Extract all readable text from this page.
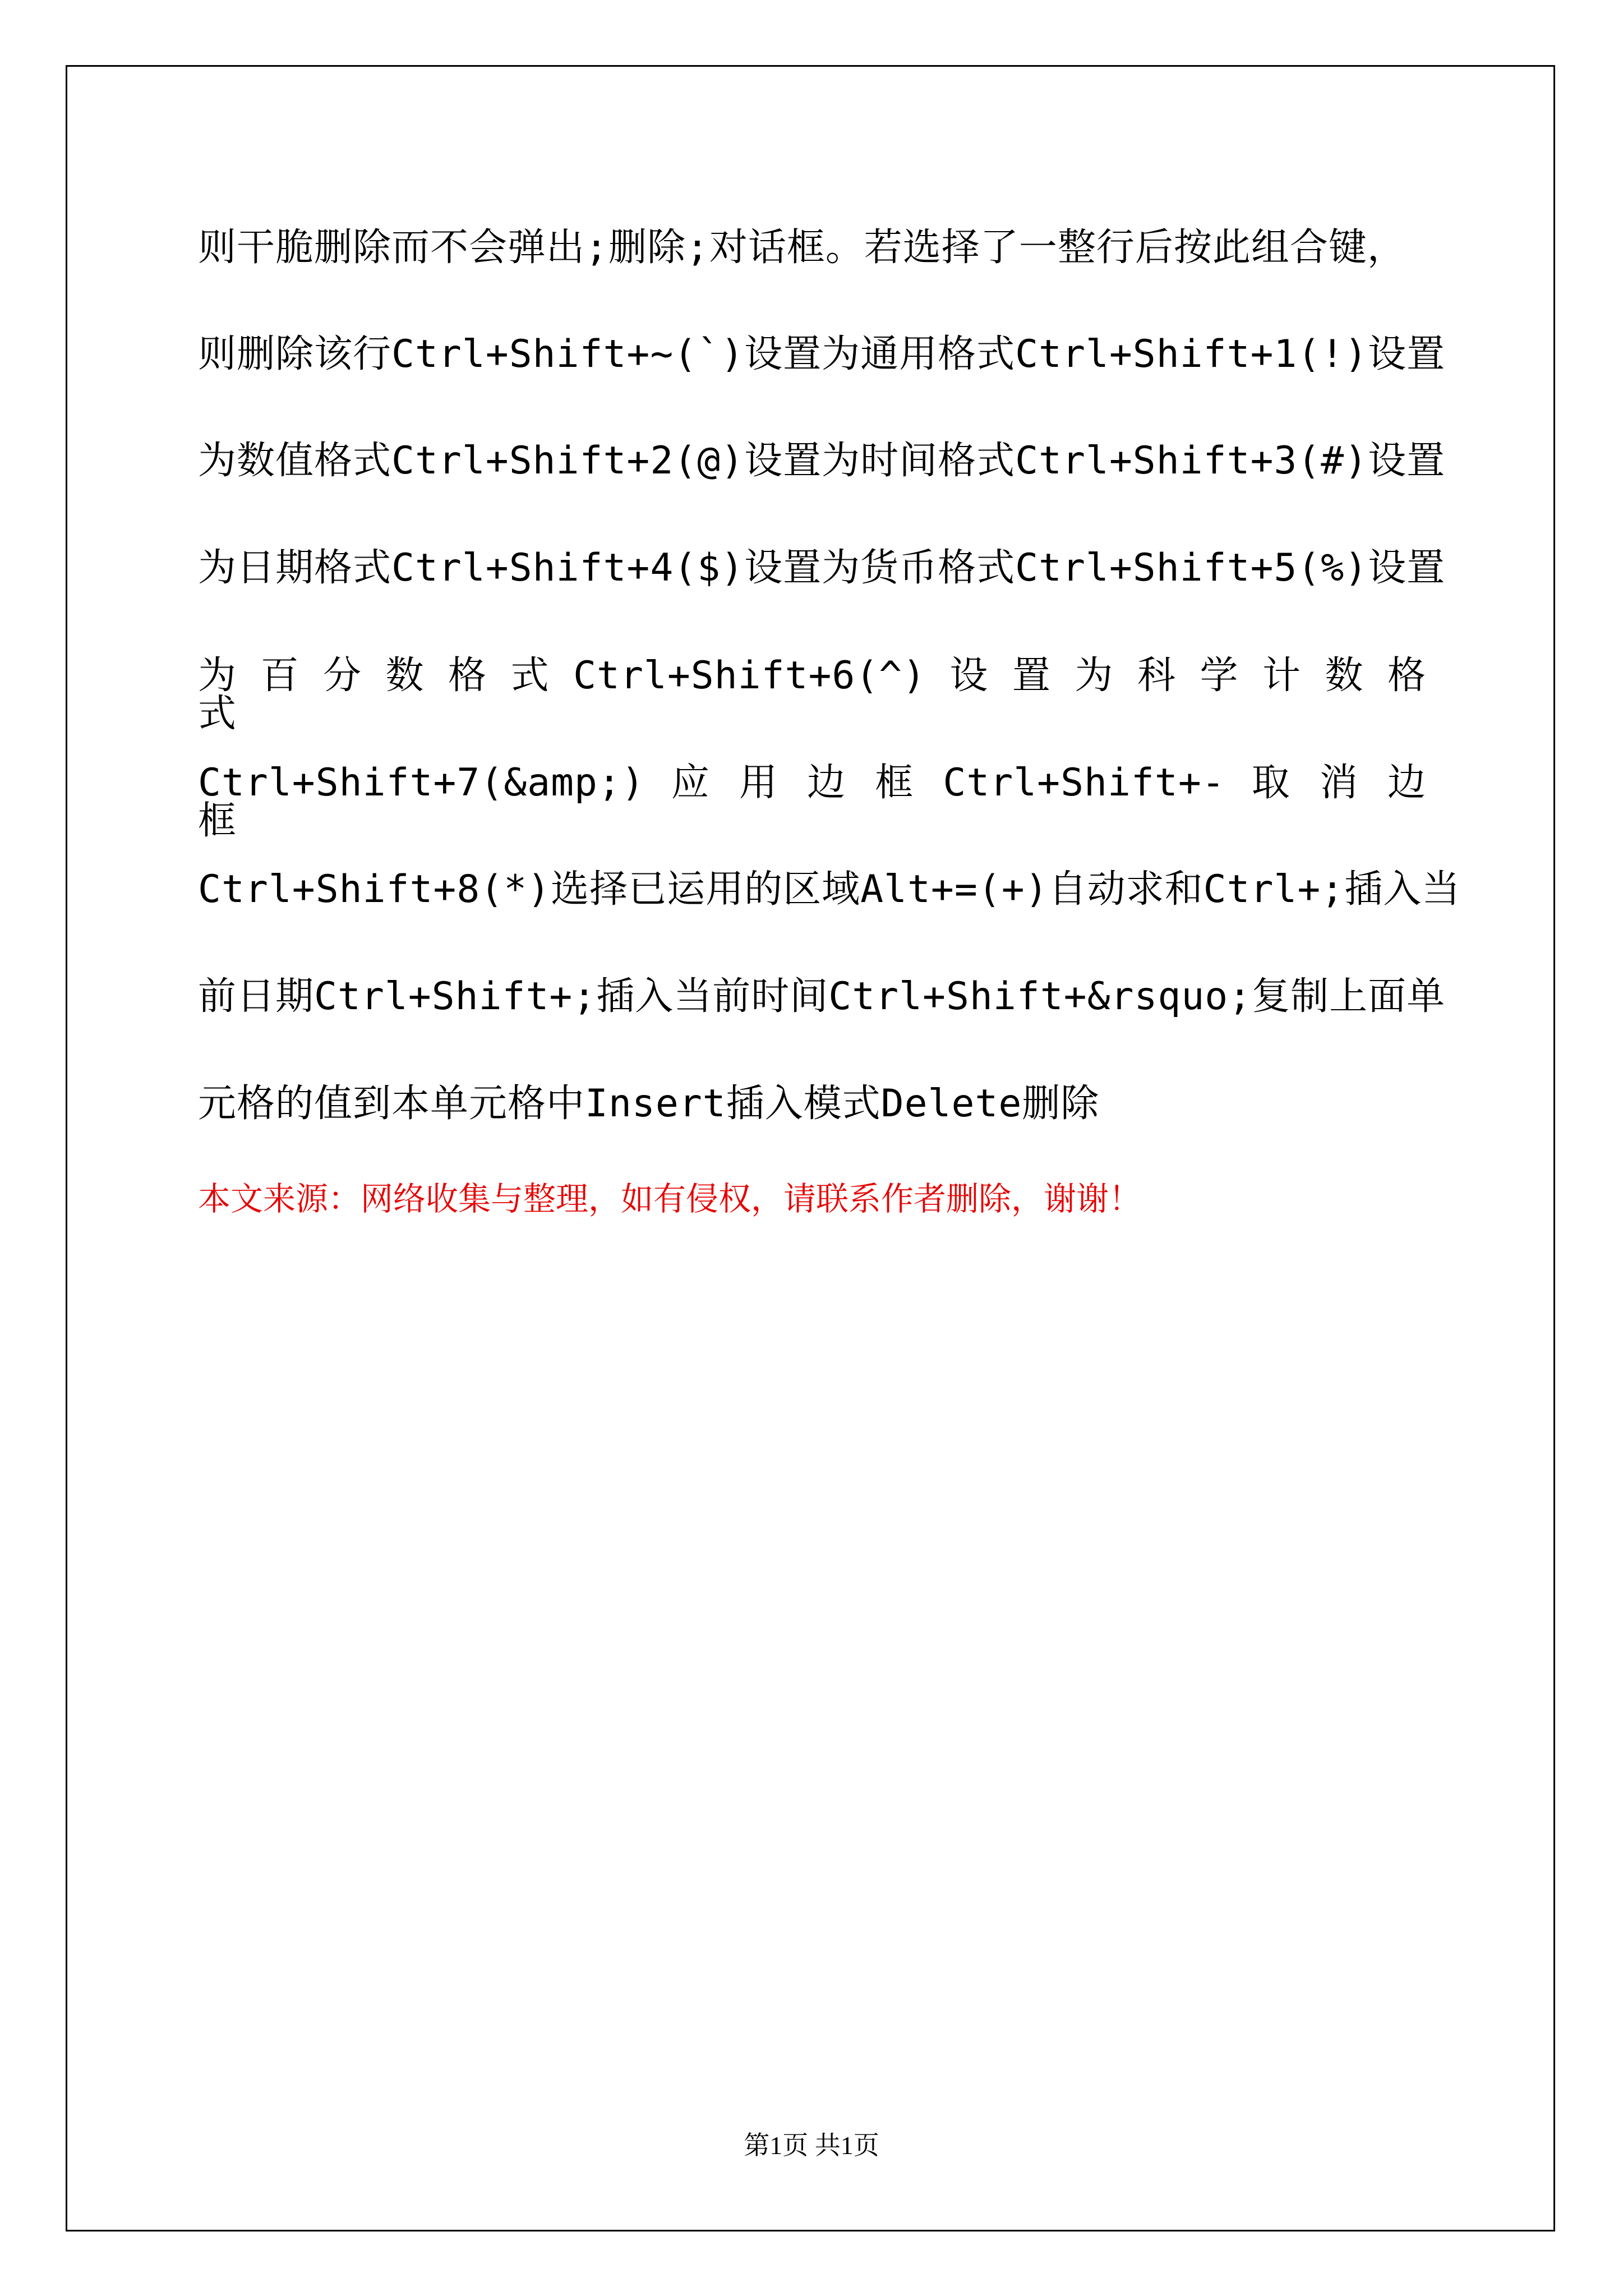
则干脆删除而不会弹出;删除;对话框。若选择了一整行后按此组合键，
则删除该行Ctrl+Shift+~(`)设置为通用格式Ctrl+Shift+1(!)设置
为数值格式Ctrl+Shift+2(@)设置为时间格式Ctrl+Shift+3(#)设置
为日期格式Ctrl+Shift+4($)设置为货币格式Ctrl+Shift+5(%)设置
为 百 分 数 格 式 Ctrl+Shift+6(^) 设 置 为 科 学 计 数 格 式
Ctrl+Shift+7(&amp;) 应 用 边 框 Ctrl+Shift+- 取 消 边 框
Ctrl+Shift+8(*)选择已运用的区域Alt+=(+)自动求和Ctrl+;插入当
前日期Ctrl+Shift+;插入当前时间Ctrl+Shift+&rsquo;复制上面单
元格的值到本单元格中Insert插入模式Delete删除
本文来源：网络收集与整理，如有侵权，请联系作者删除，谢谢！
第1页 共1页
